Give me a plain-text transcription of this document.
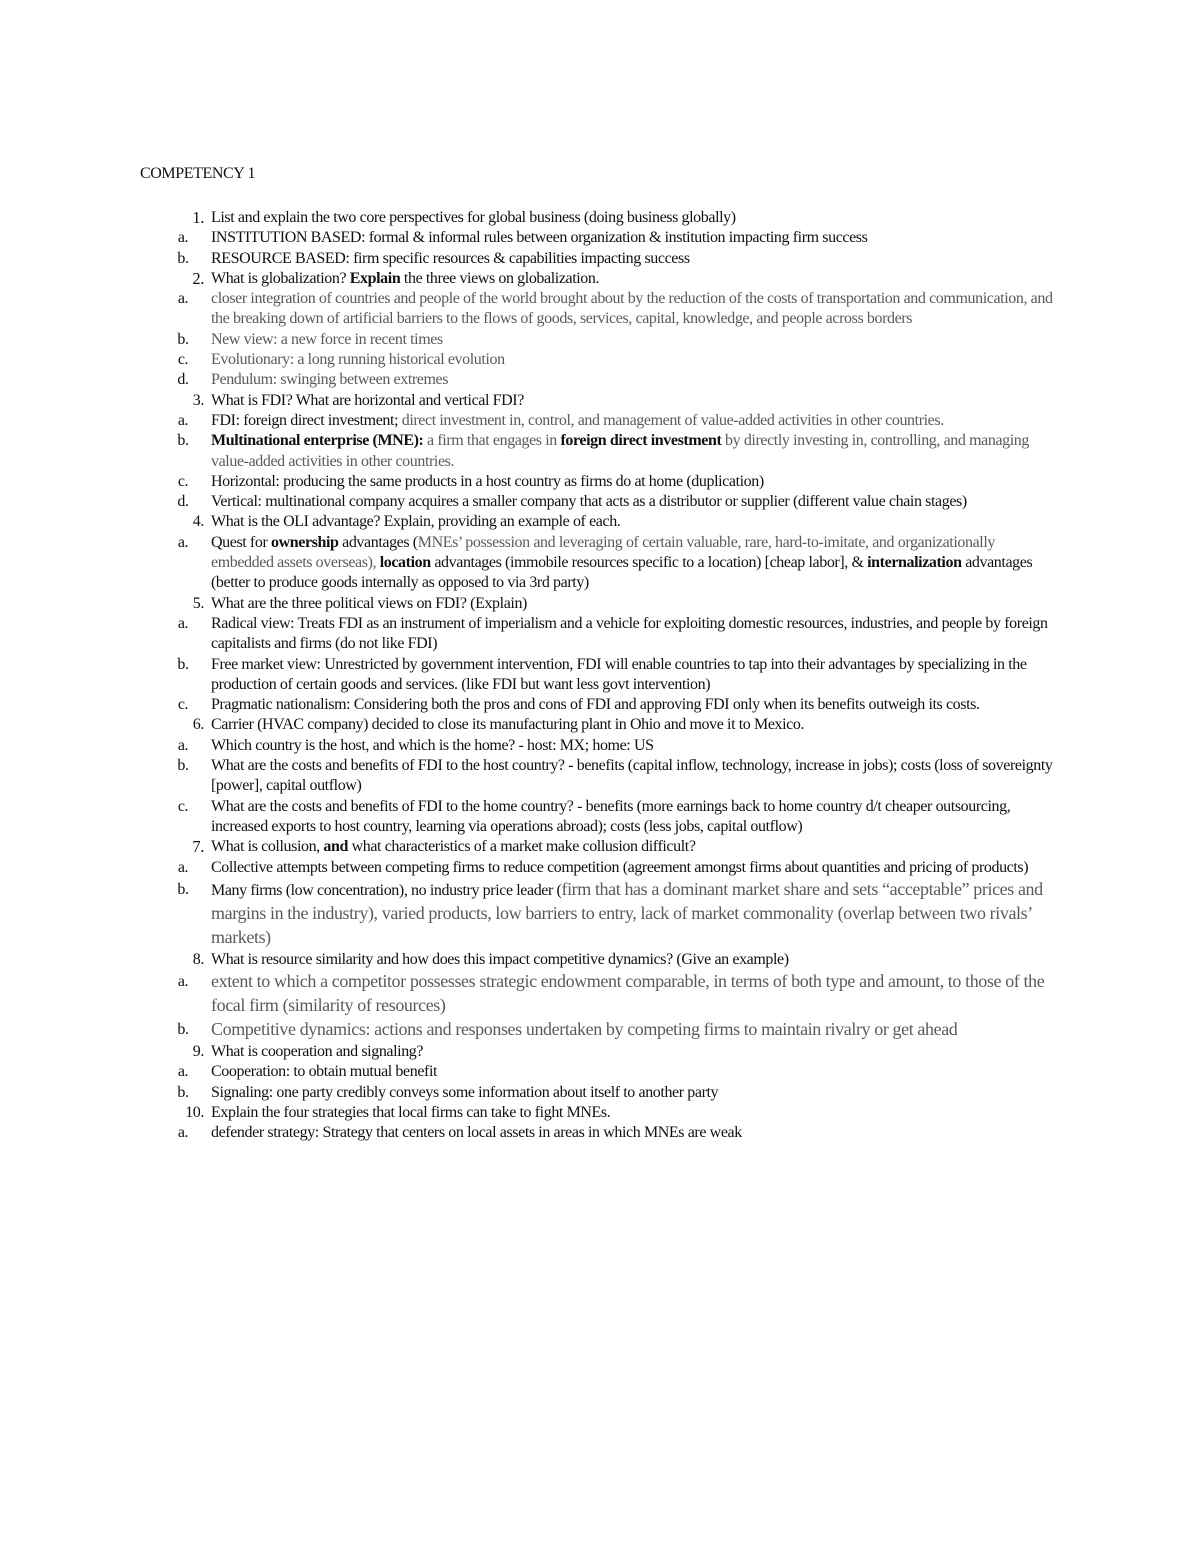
COMPETENCY 1
1. List and explain the two core perspectives for global business (doing business globally)
a.	INSTITUTION BASED: formal & informal rules between organization & institution impacting firm success
b.	RESOURCE BASED: firm specific resources & capabilities impacting success
2. What is globalization? Explain the three views on globalization.
a.	closer integration of countries and people of the world brought about by the reduction of the costs of transportation and communication, and the breaking down of artificial barriers to the flows of goods, services, capital, knowledge, and people across borders
b.	New view: a new force in recent times
c.	Evolutionary: a long running historical evolution
d.	Pendulum: swinging between extremes
3. What is FDI? What are horizontal and vertical FDI?
a.	FDI: foreign direct investment; direct investment in, control, and management of value-added activities in other countries.
b.	Multinational enterprise (MNE): a firm that engages in foreign direct investment by directly investing in, controlling, and managing value-added activities in other countries.
c.	Horizontal: producing the same products in a host country as firms do at home (duplication)
d.	Vertical: multinational company acquires a smaller company that acts as a distributor or supplier (different value chain stages)
4. What is the OLI advantage? Explain, providing an example of each.
a.	Quest for ownership advantages (MNEs’ possession and leveraging of certain valuable, rare, hard-to-imitate, and organizationally embedded assets overseas), location advantages (immobile resources specific to a location) [cheap labor], & internalization advantages (better to produce goods internally as opposed to via 3rd party)
5. What are the three political views on FDI? (Explain)
a.	Radical view: Treats FDI as an instrument of imperialism and a vehicle for exploiting domestic resources, industries, and people by foreign capitalists and firms (do not like FDI)
b.	Free market view: Unrestricted by government intervention, FDI will enable countries to tap into their advantages by specializing in the production of certain goods and services. (like FDI but want less govt intervention)
c.	Pragmatic nationalism: Considering both the pros and cons of FDI and approving FDI only when its benefits outweigh its costs.
6. Carrier (HVAC company) decided to close its manufacturing plant in Ohio and move it to Mexico.
a.	Which country is the host, and which is the home? - host: MX; home: US
b.	What are the costs and benefits of FDI to the host country? - benefits (capital inflow, technology, increase in jobs); costs (loss of sovereignty [power], capital outflow)
c.	What are the costs and benefits of FDI to the home country? - benefits (more earnings back to home country d/t cheaper outsourcing, increased exports to host country, learning via operations abroad); costs (less jobs, capital outflow)
7. What is collusion, and what characteristics of a market make collusion difficult?
a.	Collective attempts between competing firms to reduce competition (agreement amongst firms about quantities and pricing of products)
b.	Many firms (low concentration), no industry price leader (firm that has a dominant market share and sets “acceptable” prices and margins in the industry), varied products, low barriers to entry, lack of market commonality (overlap between two rivals’ markets)
8. What is resource similarity and how does this impact competitive dynamics? (Give an example)
a.	extent to which a competitor possesses strategic endowment comparable, in terms of both type and amount, to those of the focal firm (similarity of resources)
b.	Competitive dynamics: actions and responses undertaken by competing firms to maintain rivalry or get ahead
9. What is cooperation and signaling?
a.	Cooperation: to obtain mutual benefit
b.	Signaling: one party credibly conveys some information about itself to another party
10. Explain the four strategies that local firms can take to fight MNEs.
a.	defender strategy: Strategy that centers on local assets in areas in which MNEs are weak
